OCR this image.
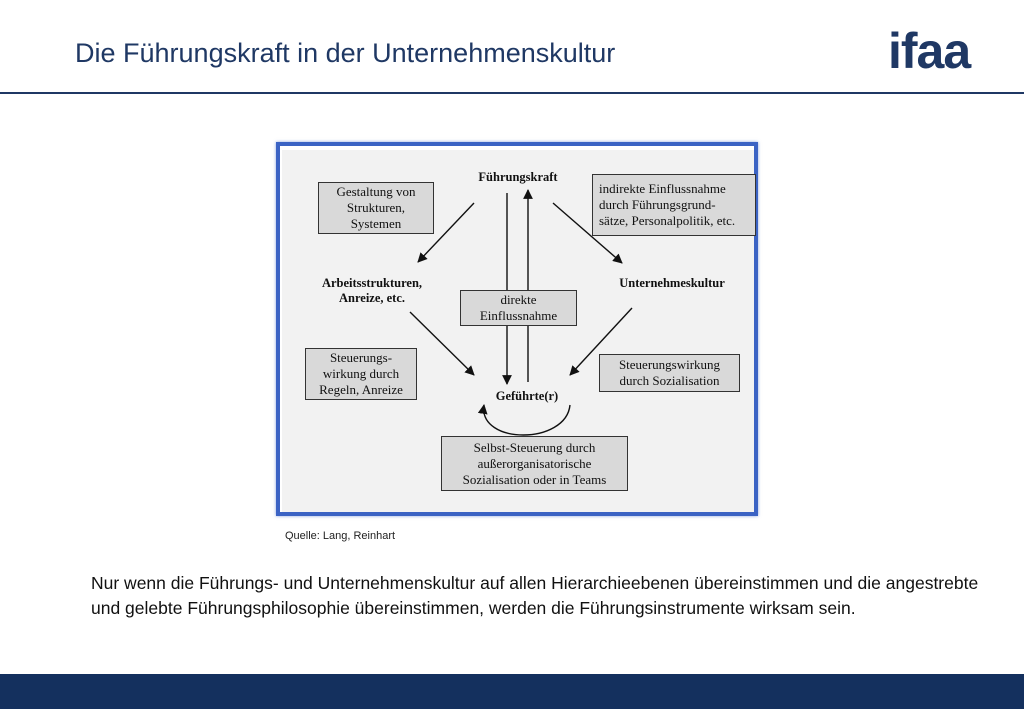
Die Führungskraft in der Unternehmenskultur	ifaa
Führungskraft
Arbeitsstrukturen,
Anreize, etc.
Unternehmeskultur
Geführte(r)
Gestaltung von
Strukturen,
Systemen
indirekte Einflussnahme
durch Führungsgrund-
sätze, Personalpolitik, etc.
direkte
Einflussnahme
Steuerungs-
wirkung durch
Regeln, Anreize
Steuerungswirkung
durch Sozialisation
Selbst-Steuerung durch
außerorganisatorische
Sozialisation oder in Teams
Quelle: Lang, Reinhart
Nur wenn die Führungs- und Unternehmenskultur auf allen Hierarchieebenen übereinstimmen und die angestrebte und gelebte Führungsphilosophie übereinstimmen, werden die Führungsinstrumente wirksam sein.
